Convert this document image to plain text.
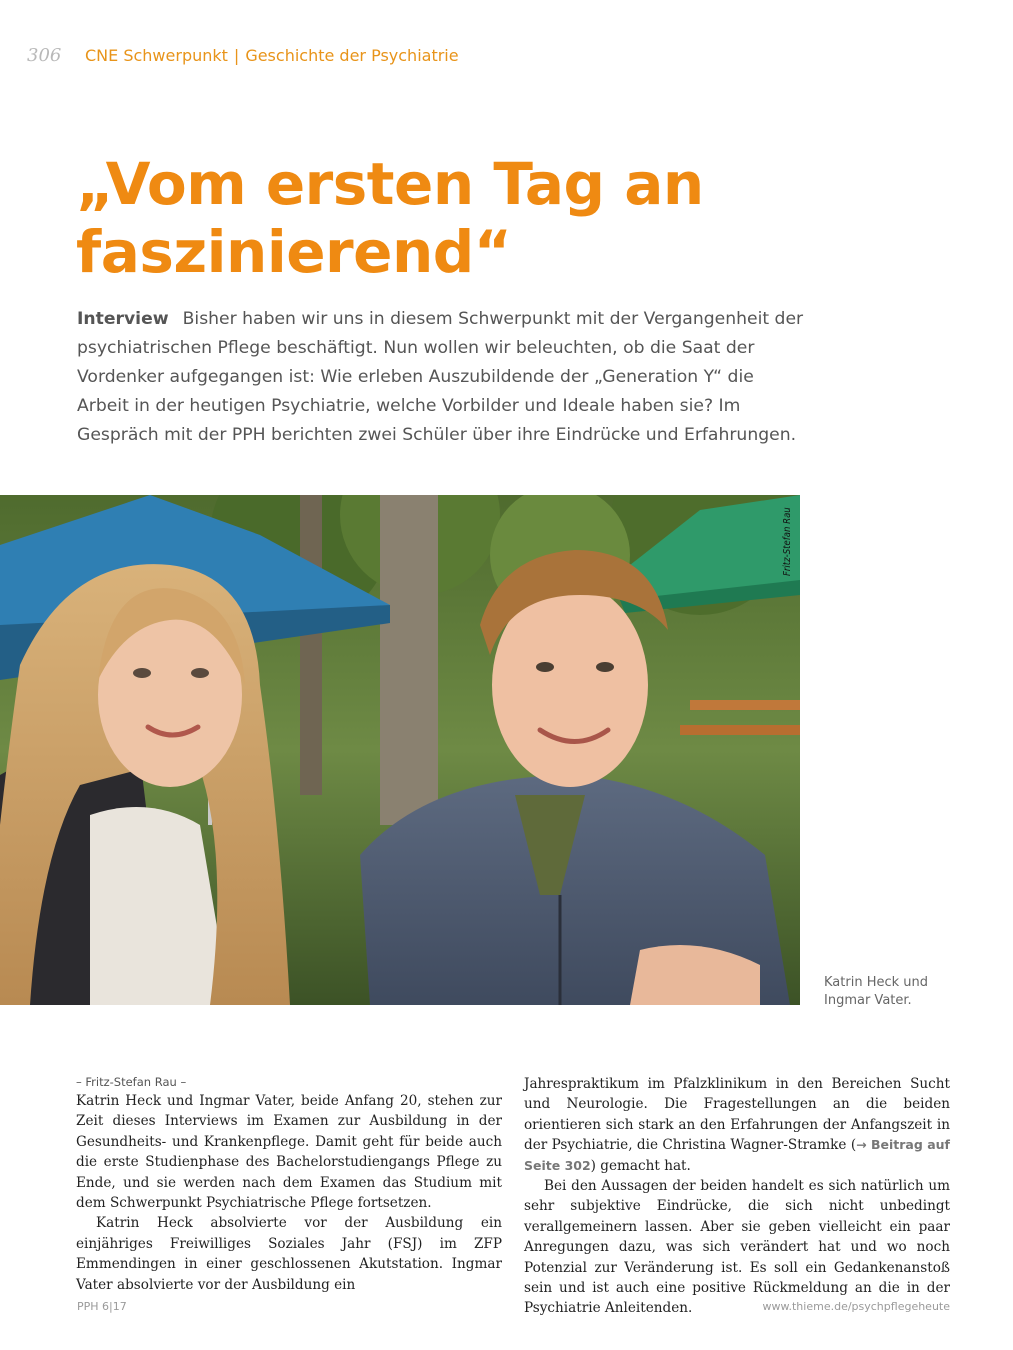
306	CNE Schwerpunkt | Geschichte der Psychiatrie
„Vom ersten Tag an
faszinierend“

Interview Bisher haben wir uns in diesem Schwerpunkt mit der Vergangenheit der psychiatrischen Pflege beschäftigt. Nun wollen wir beleuchten, ob die Saat der Vordenker aufgegangen ist: Wie erleben Auszubildende der „Generation Y“ die Arbeit in der heutigen Psychiatrie, welche Vorbilder und Ideale haben sie? Im Gespräch mit der PPH berichten zwei Schüler über ihre Eindrücke und Erfahrungen.

Fritz-Stefan Rau
Katrin Heck und
Ingmar Vater.
– Fritz-Stefan Rau –

Katrin Heck und Ingmar Vater, beide Anfang 20, stehen zur Zeit dieses Interviews im Examen zur Ausbildung in der Gesundheits- und Krankenpflege. Damit geht für beide auch die erste Studienphase des Bachelorstudiengangs Pflege zu Ende, und sie werden nach dem Examen das Studium mit dem Schwerpunkt Psychiatrische Pflege fortsetzen.

Katrin Heck absolvierte vor der Ausbildung ein einjähriges Freiwilliges Soziales Jahr (FSJ) im ZFP Emmendingen in einer geschlossenen Akutstation. Ingmar Vater absolvierte vor der Ausbildung ein

Jahrespraktikum im Pfalzklinikum in den Bereichen Sucht und Neurologie. Die Fragestellungen an die beiden orientieren sich stark an den Erfahrungen der Anfangszeit in der Psychiatrie, die Christina Wagner-Stramke (→ Beitrag auf Seite 302) gemacht hat.

Bei den Aussagen der beiden handelt es sich natürlich um sehr subjektive Eindrücke, die sich nicht unbedingt verallgemeinern lassen. Aber sie geben vielleicht ein paar Anregungen dazu, was sich verändert hat und wo noch Potenzial zur Veränderung ist. Es soll ein Gedankenanstoß sein und ist auch eine positive Rückmeldung an die in der Psychiatrie Anleitenden.

PPH 6|17	www.thieme.de/psychpflegeheute
